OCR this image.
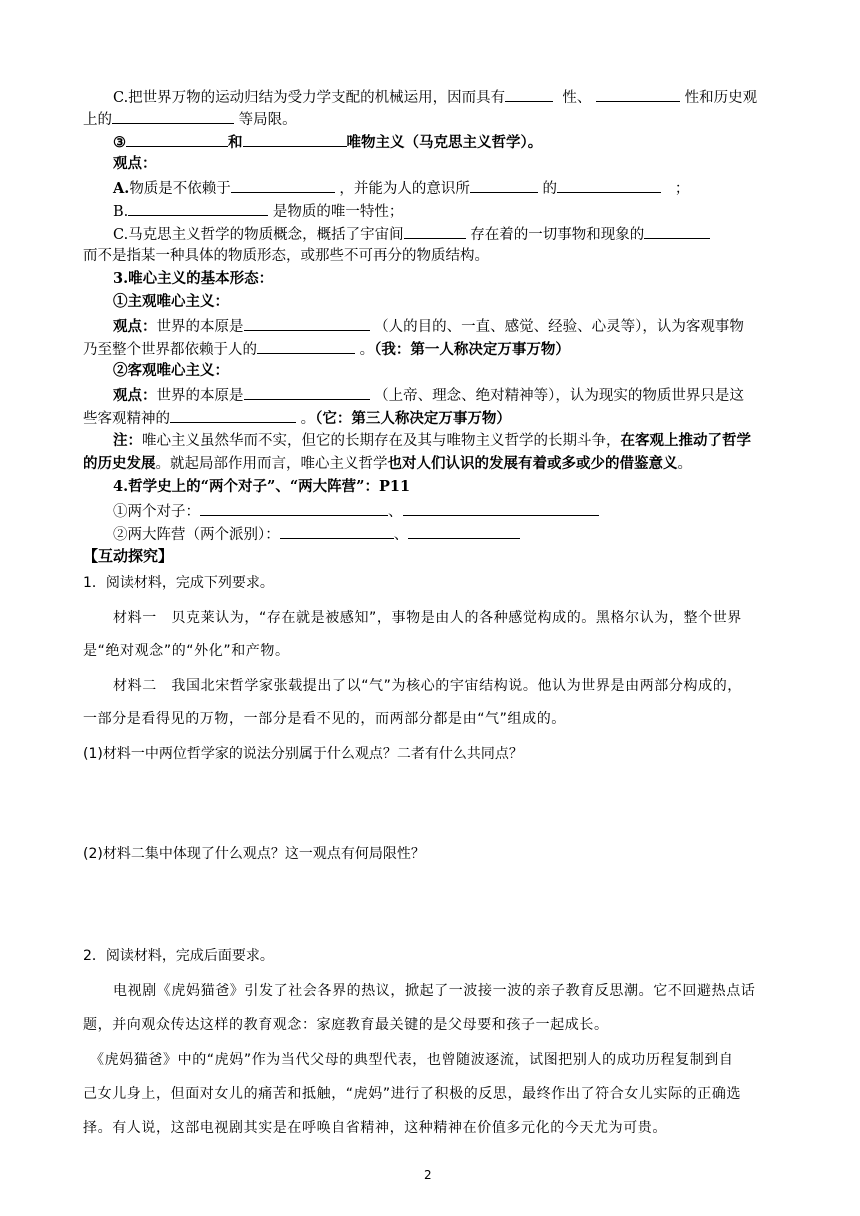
C.把世界万物的运动归结为受力学支配的机械运用，因而具有	性、	性和历史观
上的	等局限。
③	和	唯物主义（马克思主义哲学）。
观点：
A.物质是不依赖于	，并能为人的意识所	的	；
B.	是物质的唯一特性；
C.马克思主义哲学的物质概念，概括了宇宙间	存在着的一切事物和现象的
而不是指某一种具体的物质形态，或那些不可再分的物质结构。
3.唯心主义的基本形态：
①主观唯心主义：
观点：世界的本原是	（人的目的、一直、感觉、经验、心灵等），认为客观事物
乃至整个世界都依赖于人的	。（我：第一人称决定万事万物）
②客观唯心主义：
观点：世界的本原是	（上帝、理念、绝对精神等），认为现实的物质世界只是这
些客观精神的	。（它：第三人称决定万事万物）
注：唯心主义虽然华而不实，但它的长期存在及其与唯物主义哲学的长期斗争，在客观上推动了哲学
的历史发展。就起局部作用而言，唯心主义哲学也对人们认识的发展有着或多或少的借鉴意义。
4.哲学史上的“两个对子”、“两大阵营”：P11
①两个对子：	、
②两大阵营（两个派别）：	、
【互动探究】
1．阅读材料，完成下列要求。
材料一　贝克莱认为，“存在就是被感知”，事物是由人的各种感觉构成的。黑格尔认为，整个世界
是“绝对观念”的“外化”和产物。
材料二　我国北宋哲学家张载提出了以“气”为核心的宇宙结构说。他认为世界是由两部分构成的，
一部分是看得见的万物，一部分是看不见的，而两部分都是由“气”组成的。
(1)材料一中两位哲学家的说法分别属于什么观点？二者有什么共同点？
(2)材料二集中体现了什么观点？这一观点有何局限性？
2．阅读材料，完成后面要求。
电视剧《虎妈猫爸》引发了社会各界的热议，掀起了一波接一波的亲子教育反思潮。它不回避热点话
题，并向观众传达这样的教育观念：家庭教育最关键的是父母要和孩子一起成长。
《虎妈猫爸》中的“虎妈”作为当代父母的典型代表，也曾随波逐流，试图把别人的成功历程复制到自
己女儿身上，但面对女儿的痛苦和抵触，“虎妈”进行了积极的反思，最终作出了符合女儿实际的正确选
择。有人说，这部电视剧其实是在呼唤自省精神，这种精神在价值多元化的今天尤为可贵。
2
